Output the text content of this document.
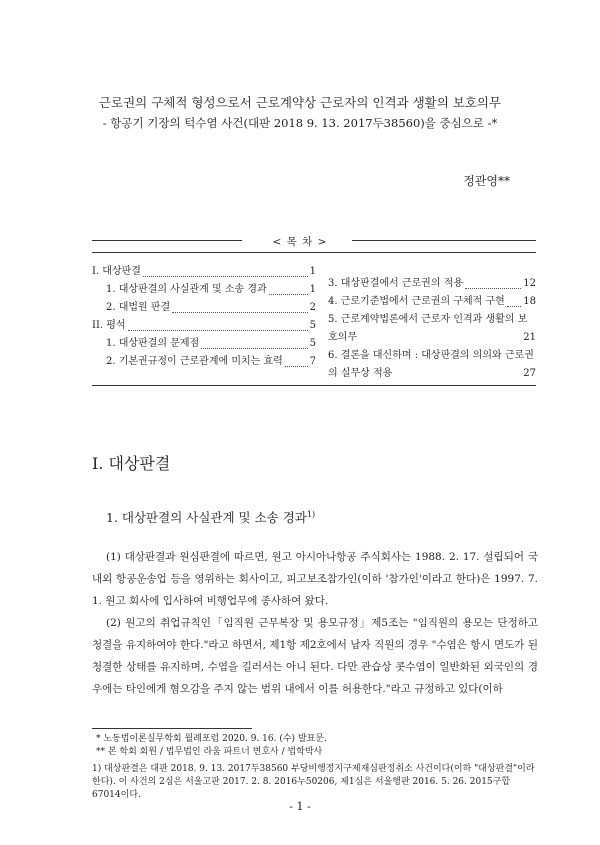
근로권의 구체적 형성으로서 근로계약상 근로자의 인격과 생활의 보호의무
- 항공기 기장의 턱수염 사건(대판 2018 9. 13. 2017두38560)을 중심으로 -*
정관영**
< 목 차 >
I. 대상판결	1
1. 대상판결의 사실관계 및 소송 경과	1
2. 대법원 판결	2
II. 평석	5
1. 대상판결의 문제점	5
2. 기본권규정이 근로관계에 미치는 효력	7
3. 대상판결에서 근로권의 적용	12
4. 근로기준법에서 근로권의 구체적 구현 18
5. 근로계약법론에서 근로자 인격과 생활의 보호의무	21
6. 결론을 대신하며 : 대상판결의 의의와 근로권의 실무상 적용	27
I. 대상판결
1. 대상판결의 사실관계 및 소송 경과$^{1)}$

(1) 대상판결과 원심판결에 따르면, 원고 아시아나항공 주식회사는 1988. 2. 17. 설립되어 국내외 항공운송업 등을 영위하는 회사이고, 피고보조참가인(이하 '참가인'이라고 한다)은 1997. 7. 1. 원고 회사에 입사하여 비행업무에 종사하여 왔다.

(2) 원고의 취업규칙인「임직원 근무복장 및 용모규정」제5조는 "임직원의 용모는 단정하고 청결을 유지하여야 한다."라고 하면서, 제1항 제2호에서 남자 직원의 경우 "수염은 항시 면도가 된 청결한 상태를 유지하며, 수염을 길러서는 아니 된다. 다만 관습상 콧수염이 일반화된 외국인의 경우에는 타인에게 혐오감을 주지 않는 범위 내에서 이를 허용한다."라고 규정하고 있다(이하

* 노동법이론실무학회 월례포럼 2020. 9. 16. (수) 발표문.
** 본 학회 회원 / 법무법인 라움 파트너 변호사 / 법학박사
1) 대상판결은 대판 2018. 9. 13. 2017두38560 부당비행정지구제재심판정취소 사건이다(이하 "대상판결"이라 한다). 이 사건의 2심은 서울고판 2017. 2. 8. 2016누50206, 제1심은 서울행판 2016. 5. 26. 2015구합67014이다.
- 1 -
